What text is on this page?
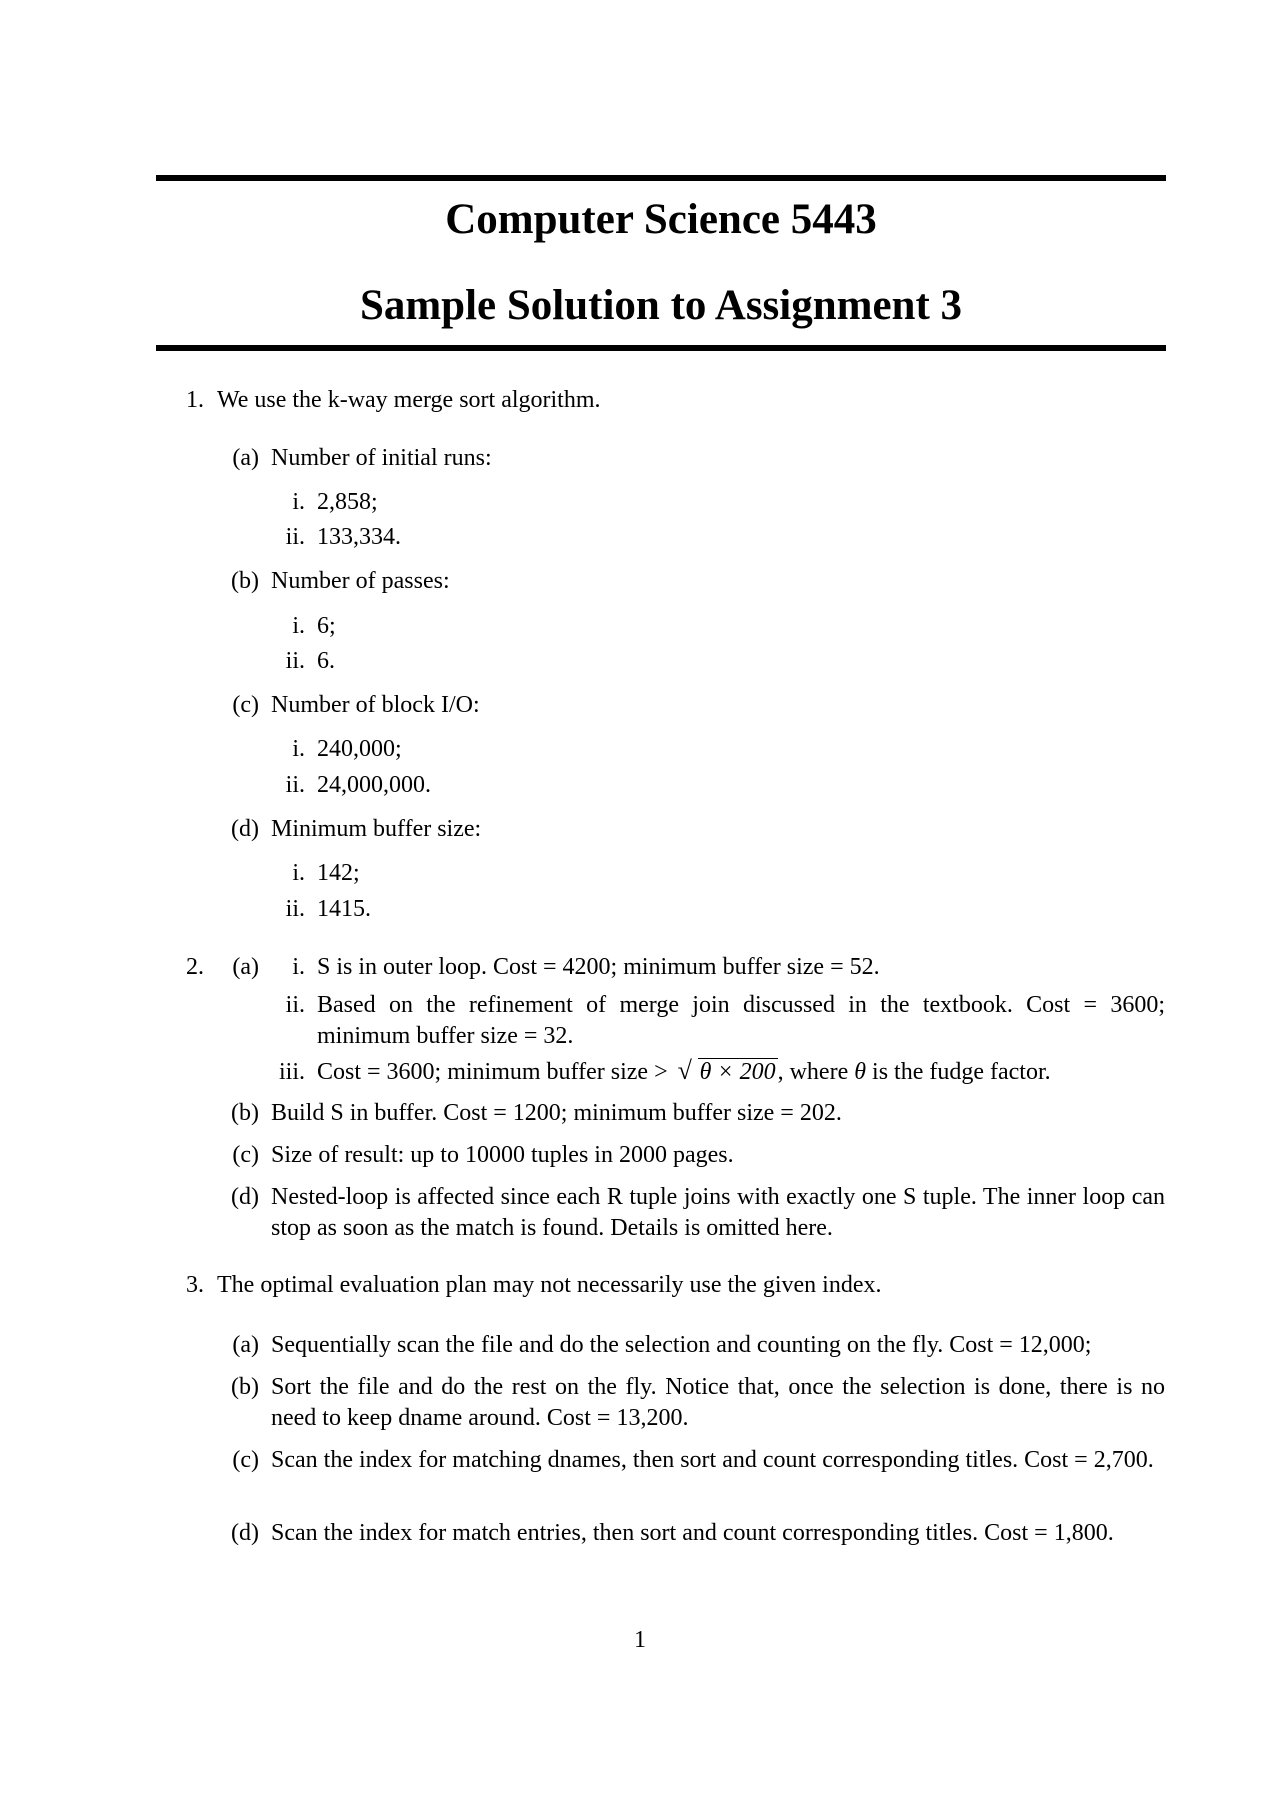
Computer Science 5443
Sample Solution to Assignment 3
1. We use the k-way merge sort algorithm.
(a) Number of initial runs:
i. 2,858;
ii. 133,334.
(b) Number of passes:
i. 6;
ii. 6.
(c) Number of block I/O:
i. 240,000;
ii. 24,000,000.
(d) Minimum buffer size:
i. 142;
ii. 1415.
2.	(a)	i. S is in outer loop. Cost = 4200; minimum buffer size = 52.
ii. Based on the refinement of merge join discussed in the textbook. Cost = 3600; minimum buffer size = 32.
iii. Cost = 3600; minimum buffer size > √ θ × 200, where θ is the fudge factor.
(b) Build S in buffer. Cost = 1200; minimum buffer size = 202.
(c) Size of result: up to 10000 tuples in 2000 pages.
(d) Nested-loop is affected since each R tuple joins with exactly one S tuple. The inner loop can stop as soon as the match is found. Details is omitted here.
3. The optimal evaluation plan may not necessarily use the given index.
(a) Sequentially scan the file and do the selection and counting on the fly. Cost = 12,000;
(b) Sort the file and do the rest on the fly. Notice that, once the selection is done, there is no need to keep dname around. Cost = 13,200.
(c) Scan the index for matching dnames, then sort and count corresponding titles. Cost = 2,700.
(d) Scan the index for match entries, then sort and count corresponding titles. Cost = 1,800.
1
